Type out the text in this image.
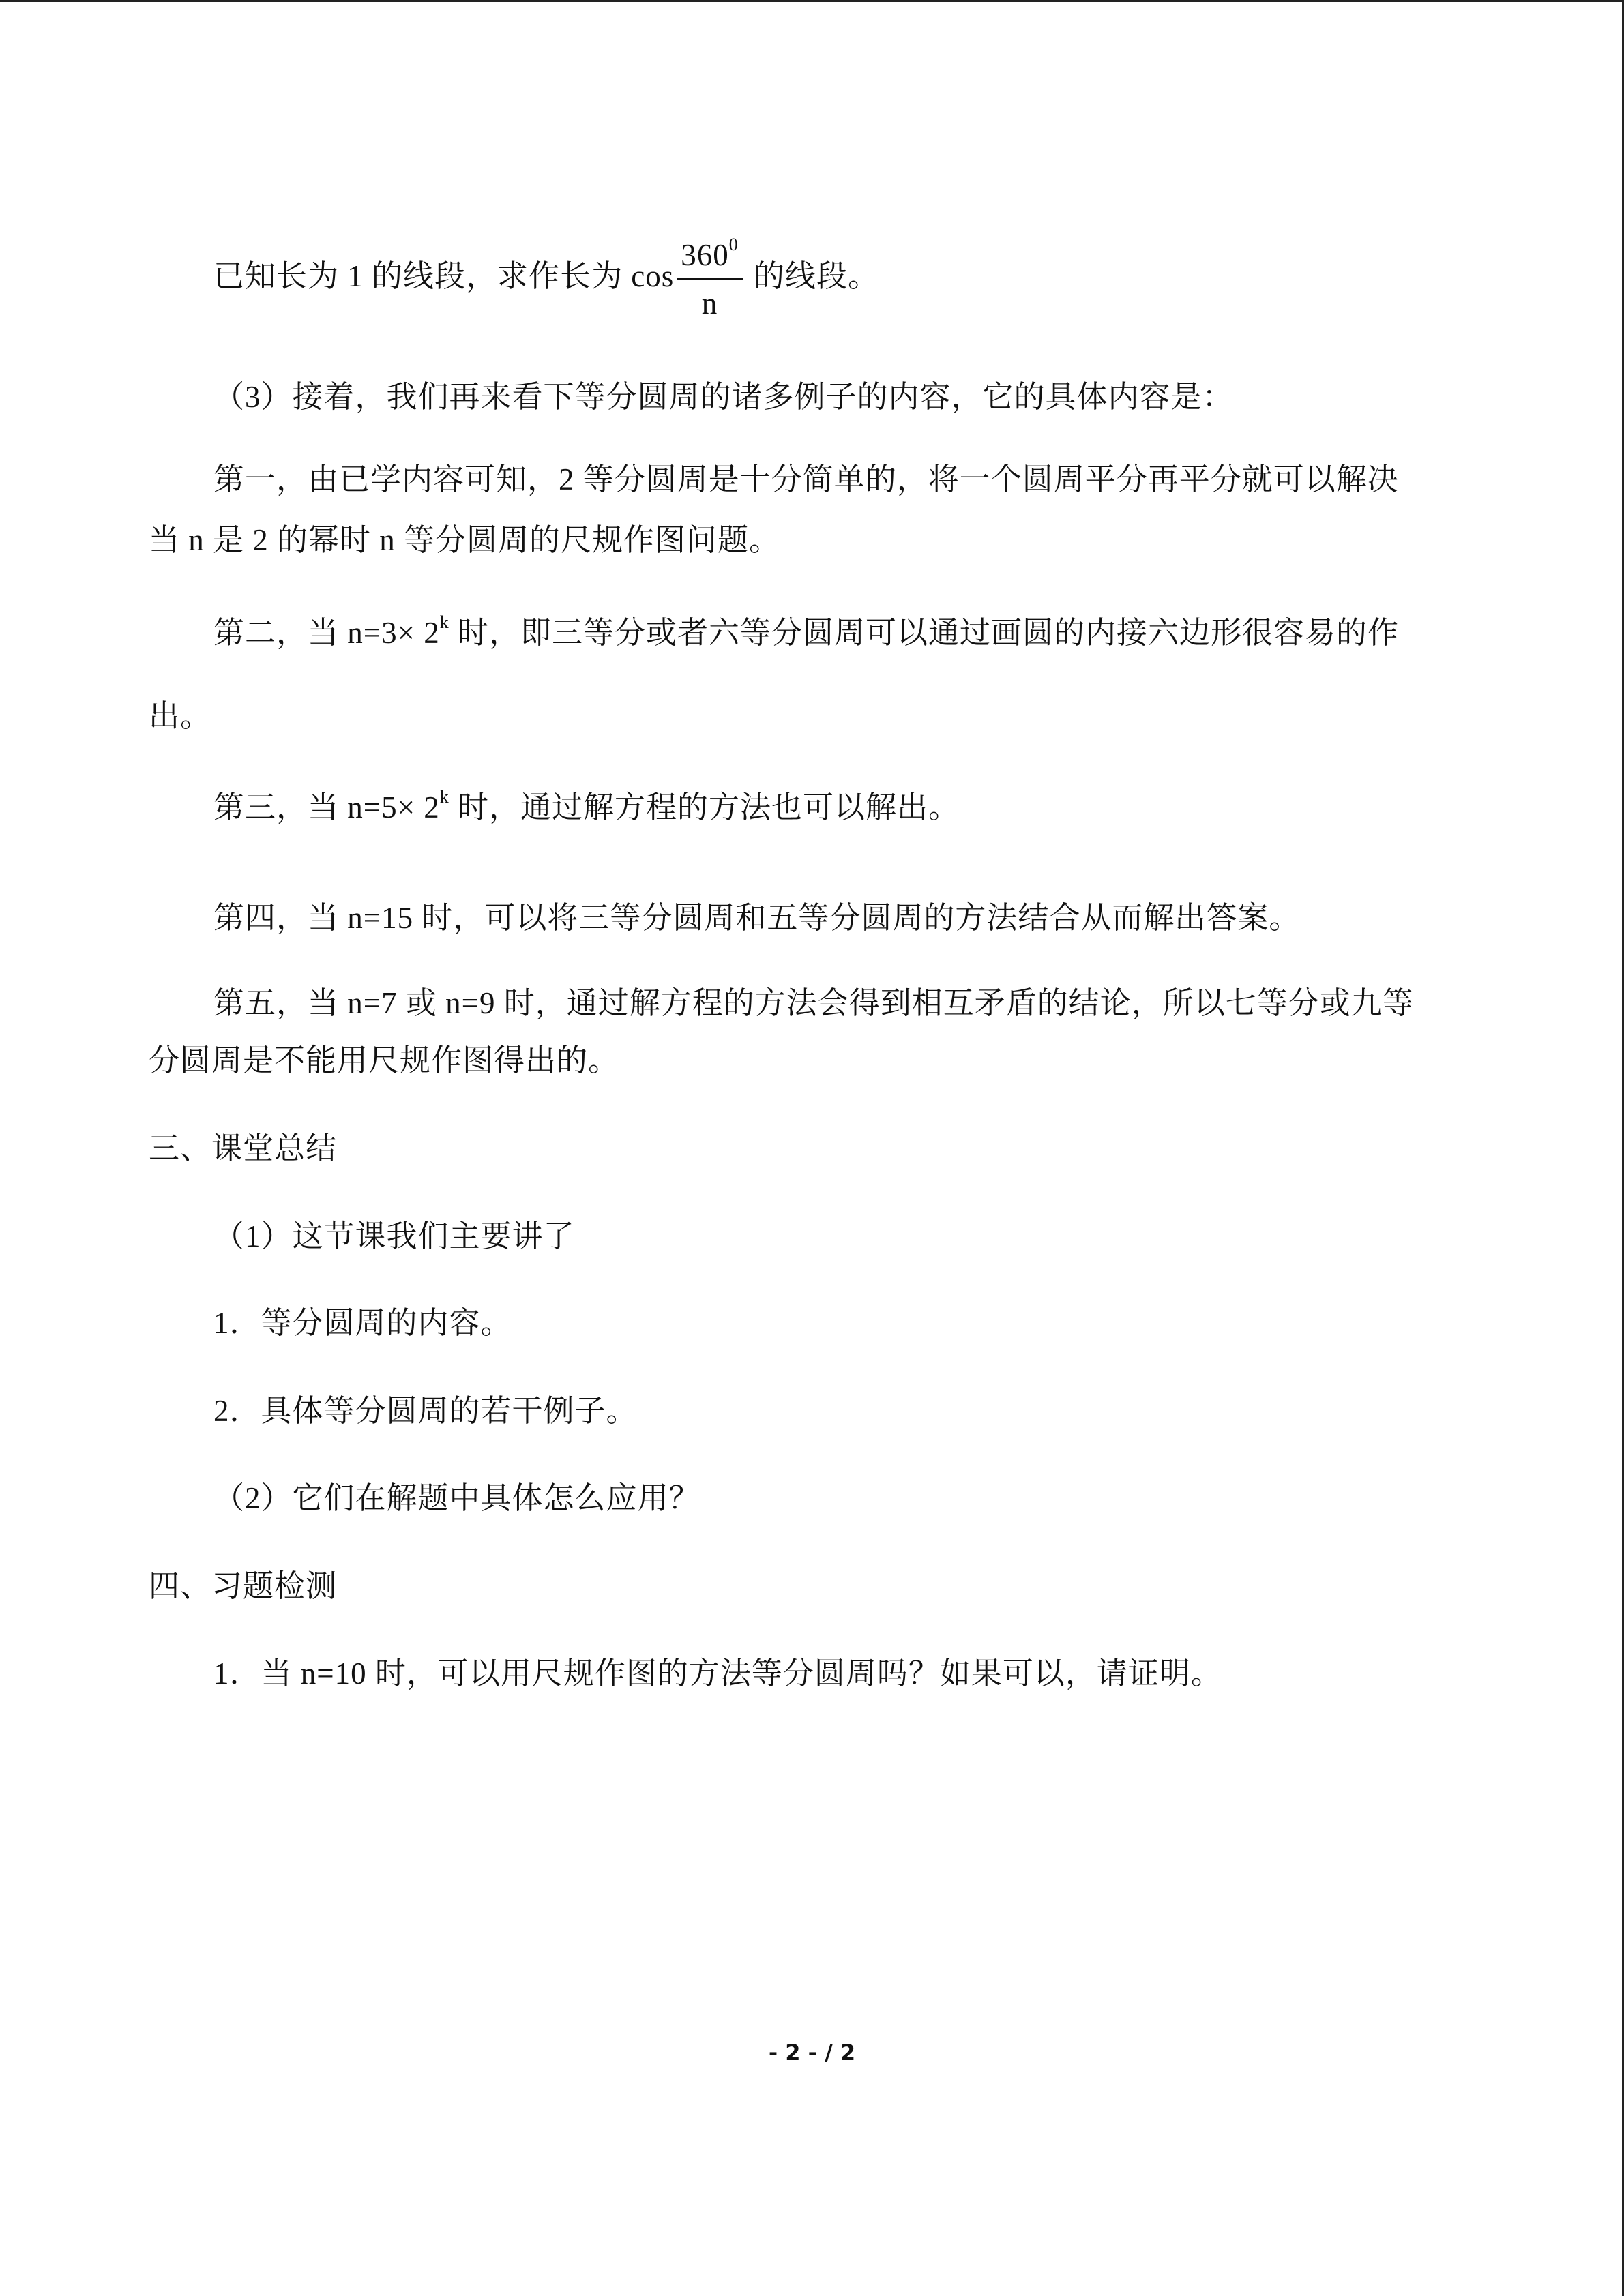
已知长为 1 的线段，求作长为 $\cos \frac{360^0}{n}$ 的线段。
（3）接着，我们再来看下等分圆周的诸多例子的内容，它的具体内容是：
第一，由已学内容可知，2 等分圆周是十分简单的，将一个圆周平分再平分就可以解决
当 n 是 2 的幂时 n 等分圆周的尺规作图问题。
第二，当 $n=3\times 2^k$ 时，即三等分或者六等分圆周可以通过画圆的内接六边形很容易的作
出。
第三，当 $n=5\times 2^k$ 时，通过解方程的方法也可以解出。
第四，当 n=15 时，可以将三等分圆周和五等分圆周的方法结合从而解出答案。
第五，当 n=7 或 n=9 时，通过解方程的方法会得到相互矛盾的结论，所以七等分或九等
分圆周是不能用尺规作图得出的。
三、课堂总结
（1）这节课我们主要讲了
1．等分圆周的内容。
2．具体等分圆周的若干例子。
（2）它们在解题中具体怎么应用？
四、习题检测
1．当 n=10 时，可以用尺规作图的方法等分圆周吗？如果可以，请证明。
- 2 - / 2
